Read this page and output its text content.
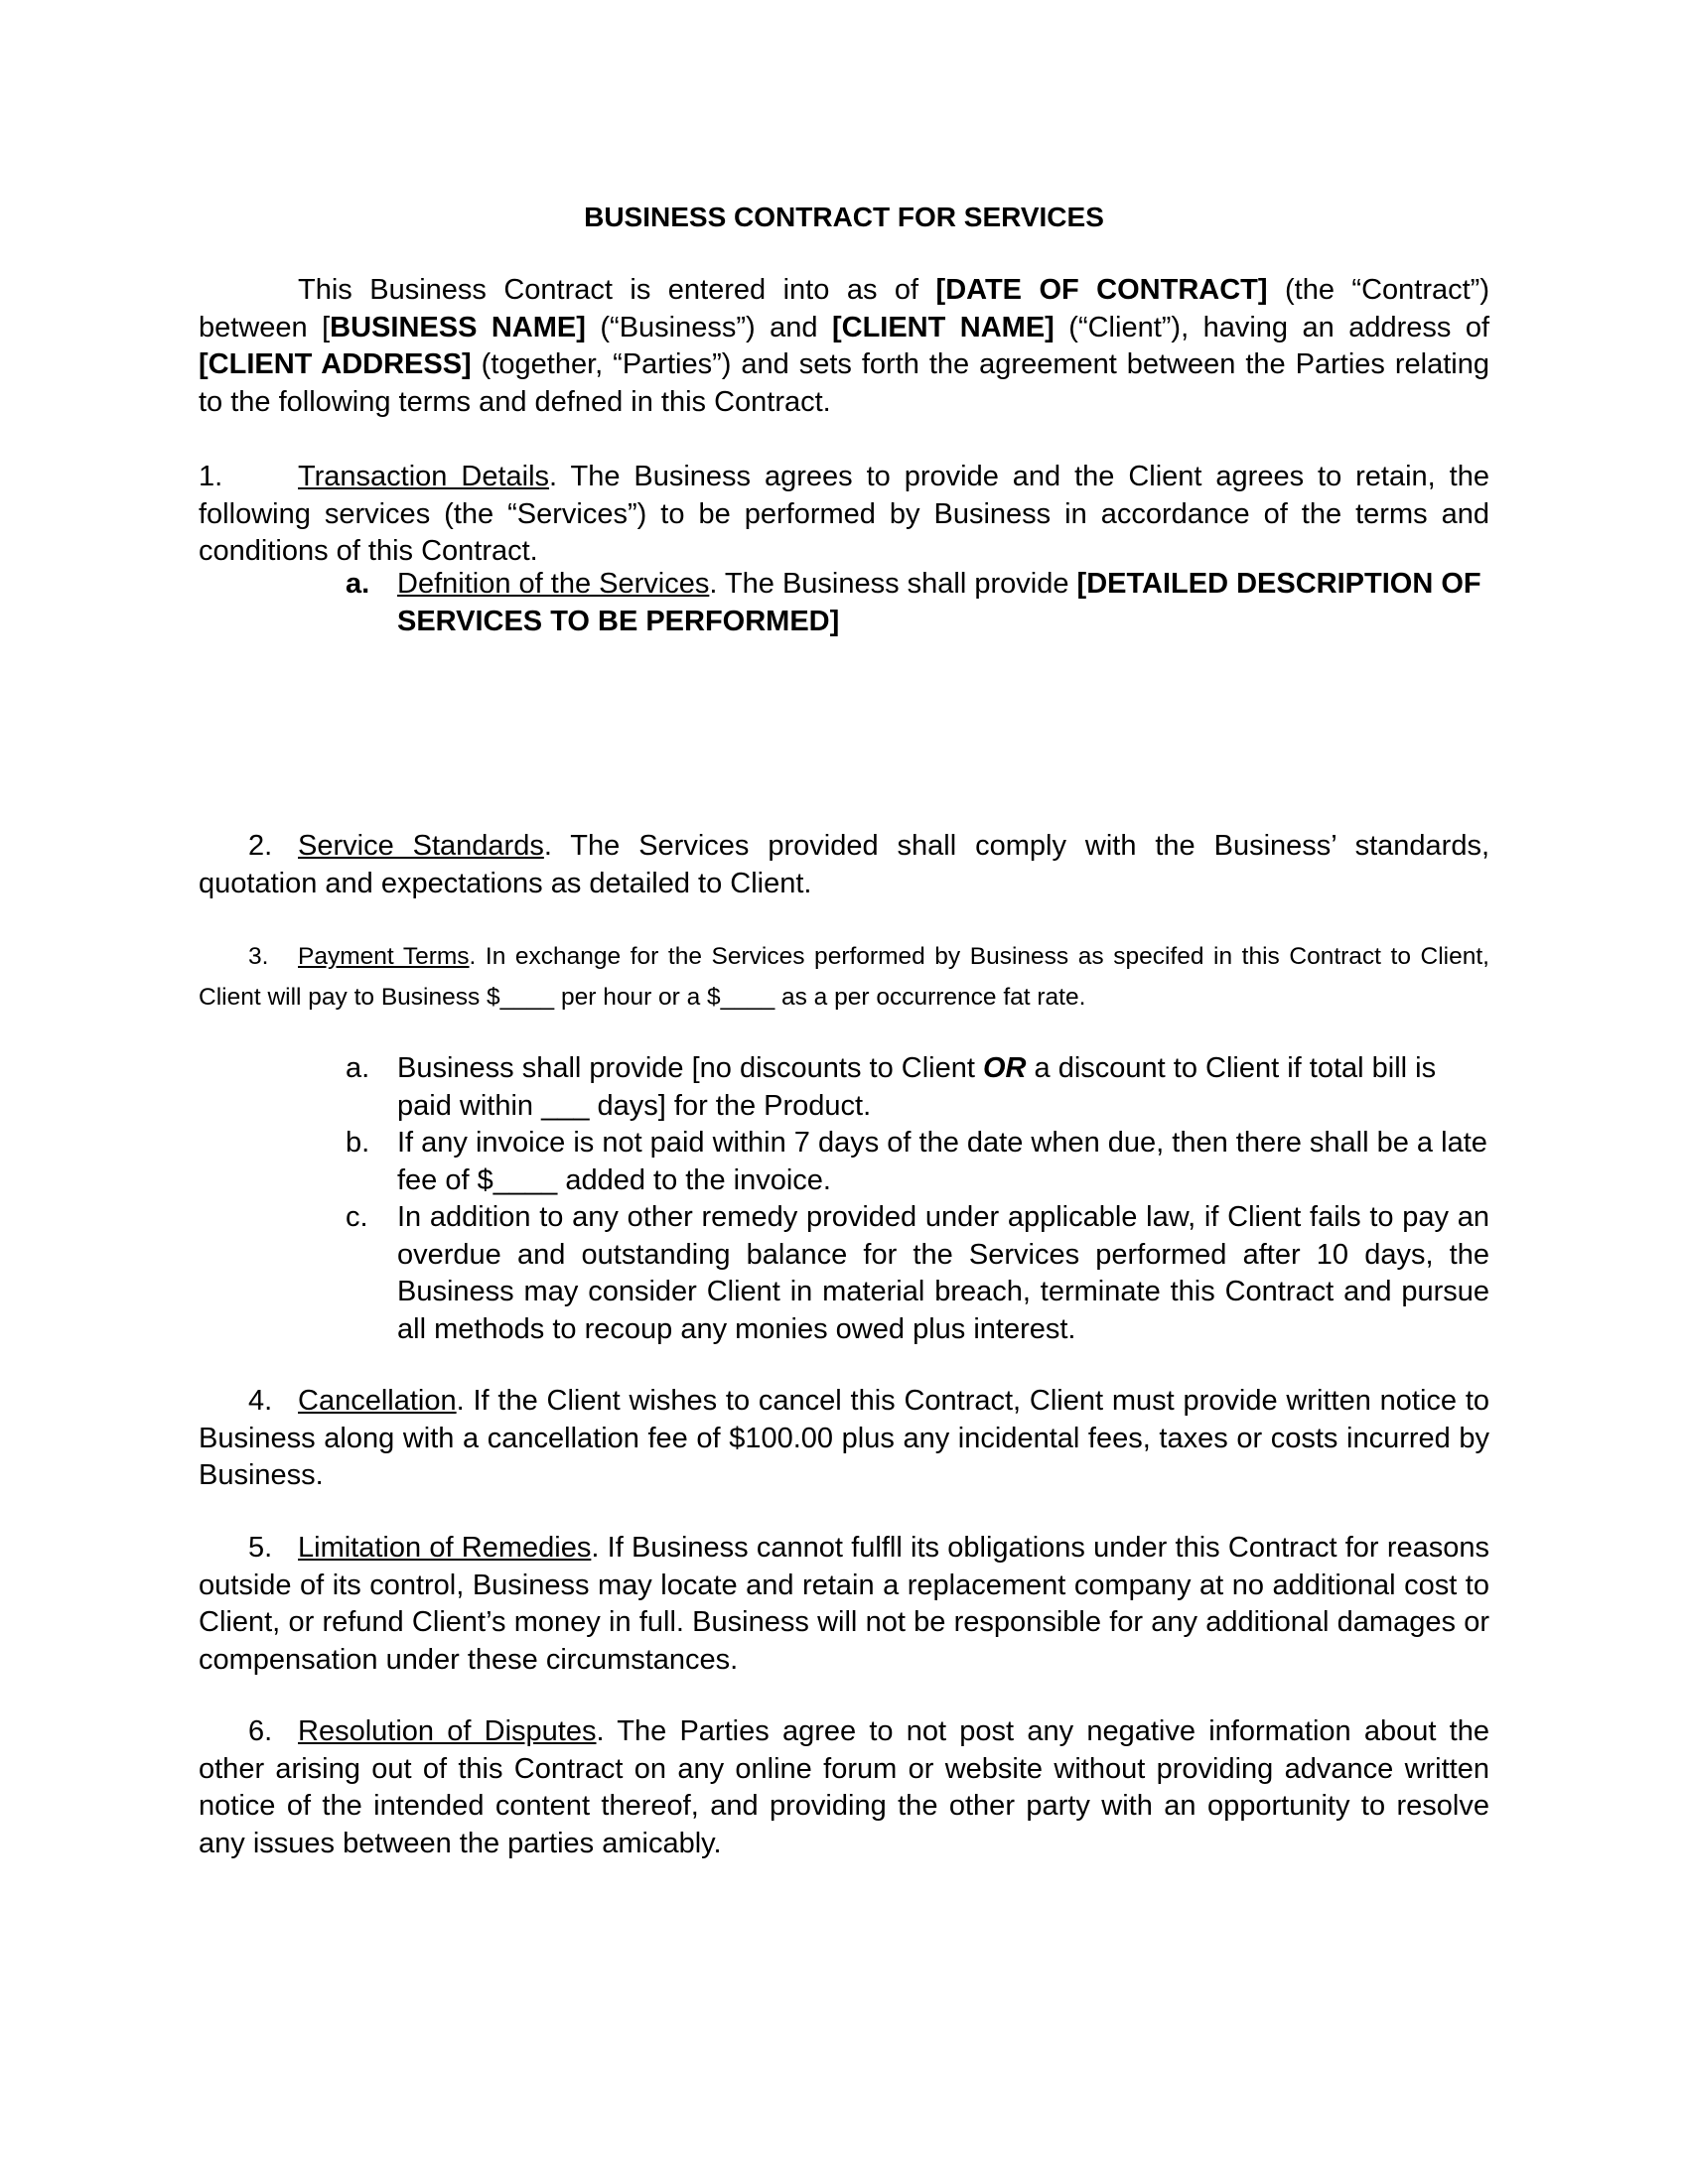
BUSINESS CONTRACT FOR SERVICES
This Business Contract is entered into as of [DATE OF CONTRACT] (the “Contract”) between [BUSINESS NAME] (“Business”) and [CLIENT NAME] (“Client”), having an address of [CLIENT ADDRESS] (together, “Parties”) and sets forth the agreement between the Parties relating to the following terms and defned in this Contract.
1.	Transaction Details. The Business agrees to provide and the Client agrees to retain, the following services (the “Services”) to be performed by Business in accordance of the terms and conditions of this Contract.
a. Defnition of the Services. The Business shall provide [DETAILED DESCRIPTION OF SERVICES TO BE PERFORMED]
2. Service Standards. The Services provided shall comply with the Business’ standards, quotation and expectations as detailed to Client.
3. Payment Terms. In exchange for the Services performed by Business as specifed in this Contract to Client, Client will pay to Business $____ per hour or a $____ as a per occurrence fat rate.
a. Business shall provide [no discounts to Client OR a discount to Client if total bill is paid within ___ days] for the Product.
b. If any invoice is not paid within 7 days of the date when due, then there shall be a late fee of $____ added to the invoice.
c.	In addition to any other remedy provided under applicable law, if Client fails to pay an overdue and outstanding balance for the Services performed after 10 days, the Business may consider Client in material breach, terminate this Contract and pursue all methods to recoup any monies owed plus interest.
4. Cancellation. If the Client wishes to cancel this Contract, Client must provide written notice to Business along with a cancellation fee of $100.00 plus any incidental fees, taxes or costs incurred by Business.
5. Limitation of Remedies. If Business cannot fulfll its obligations under this Contract for reasons outside of its control, Business may locate and retain a replacement company at no additional cost to Client, or refund Client’s money in full. Business will not be responsible for any additional damages or compensation under these circumstances.
6. Resolution of Disputes. The Parties agree to not post any negative information about the other arising out of this Contract on any online forum or website without providing advance written notice of the intended content thereof, and providing the other party with an opportunity to resolve any issues between the parties amicably.
